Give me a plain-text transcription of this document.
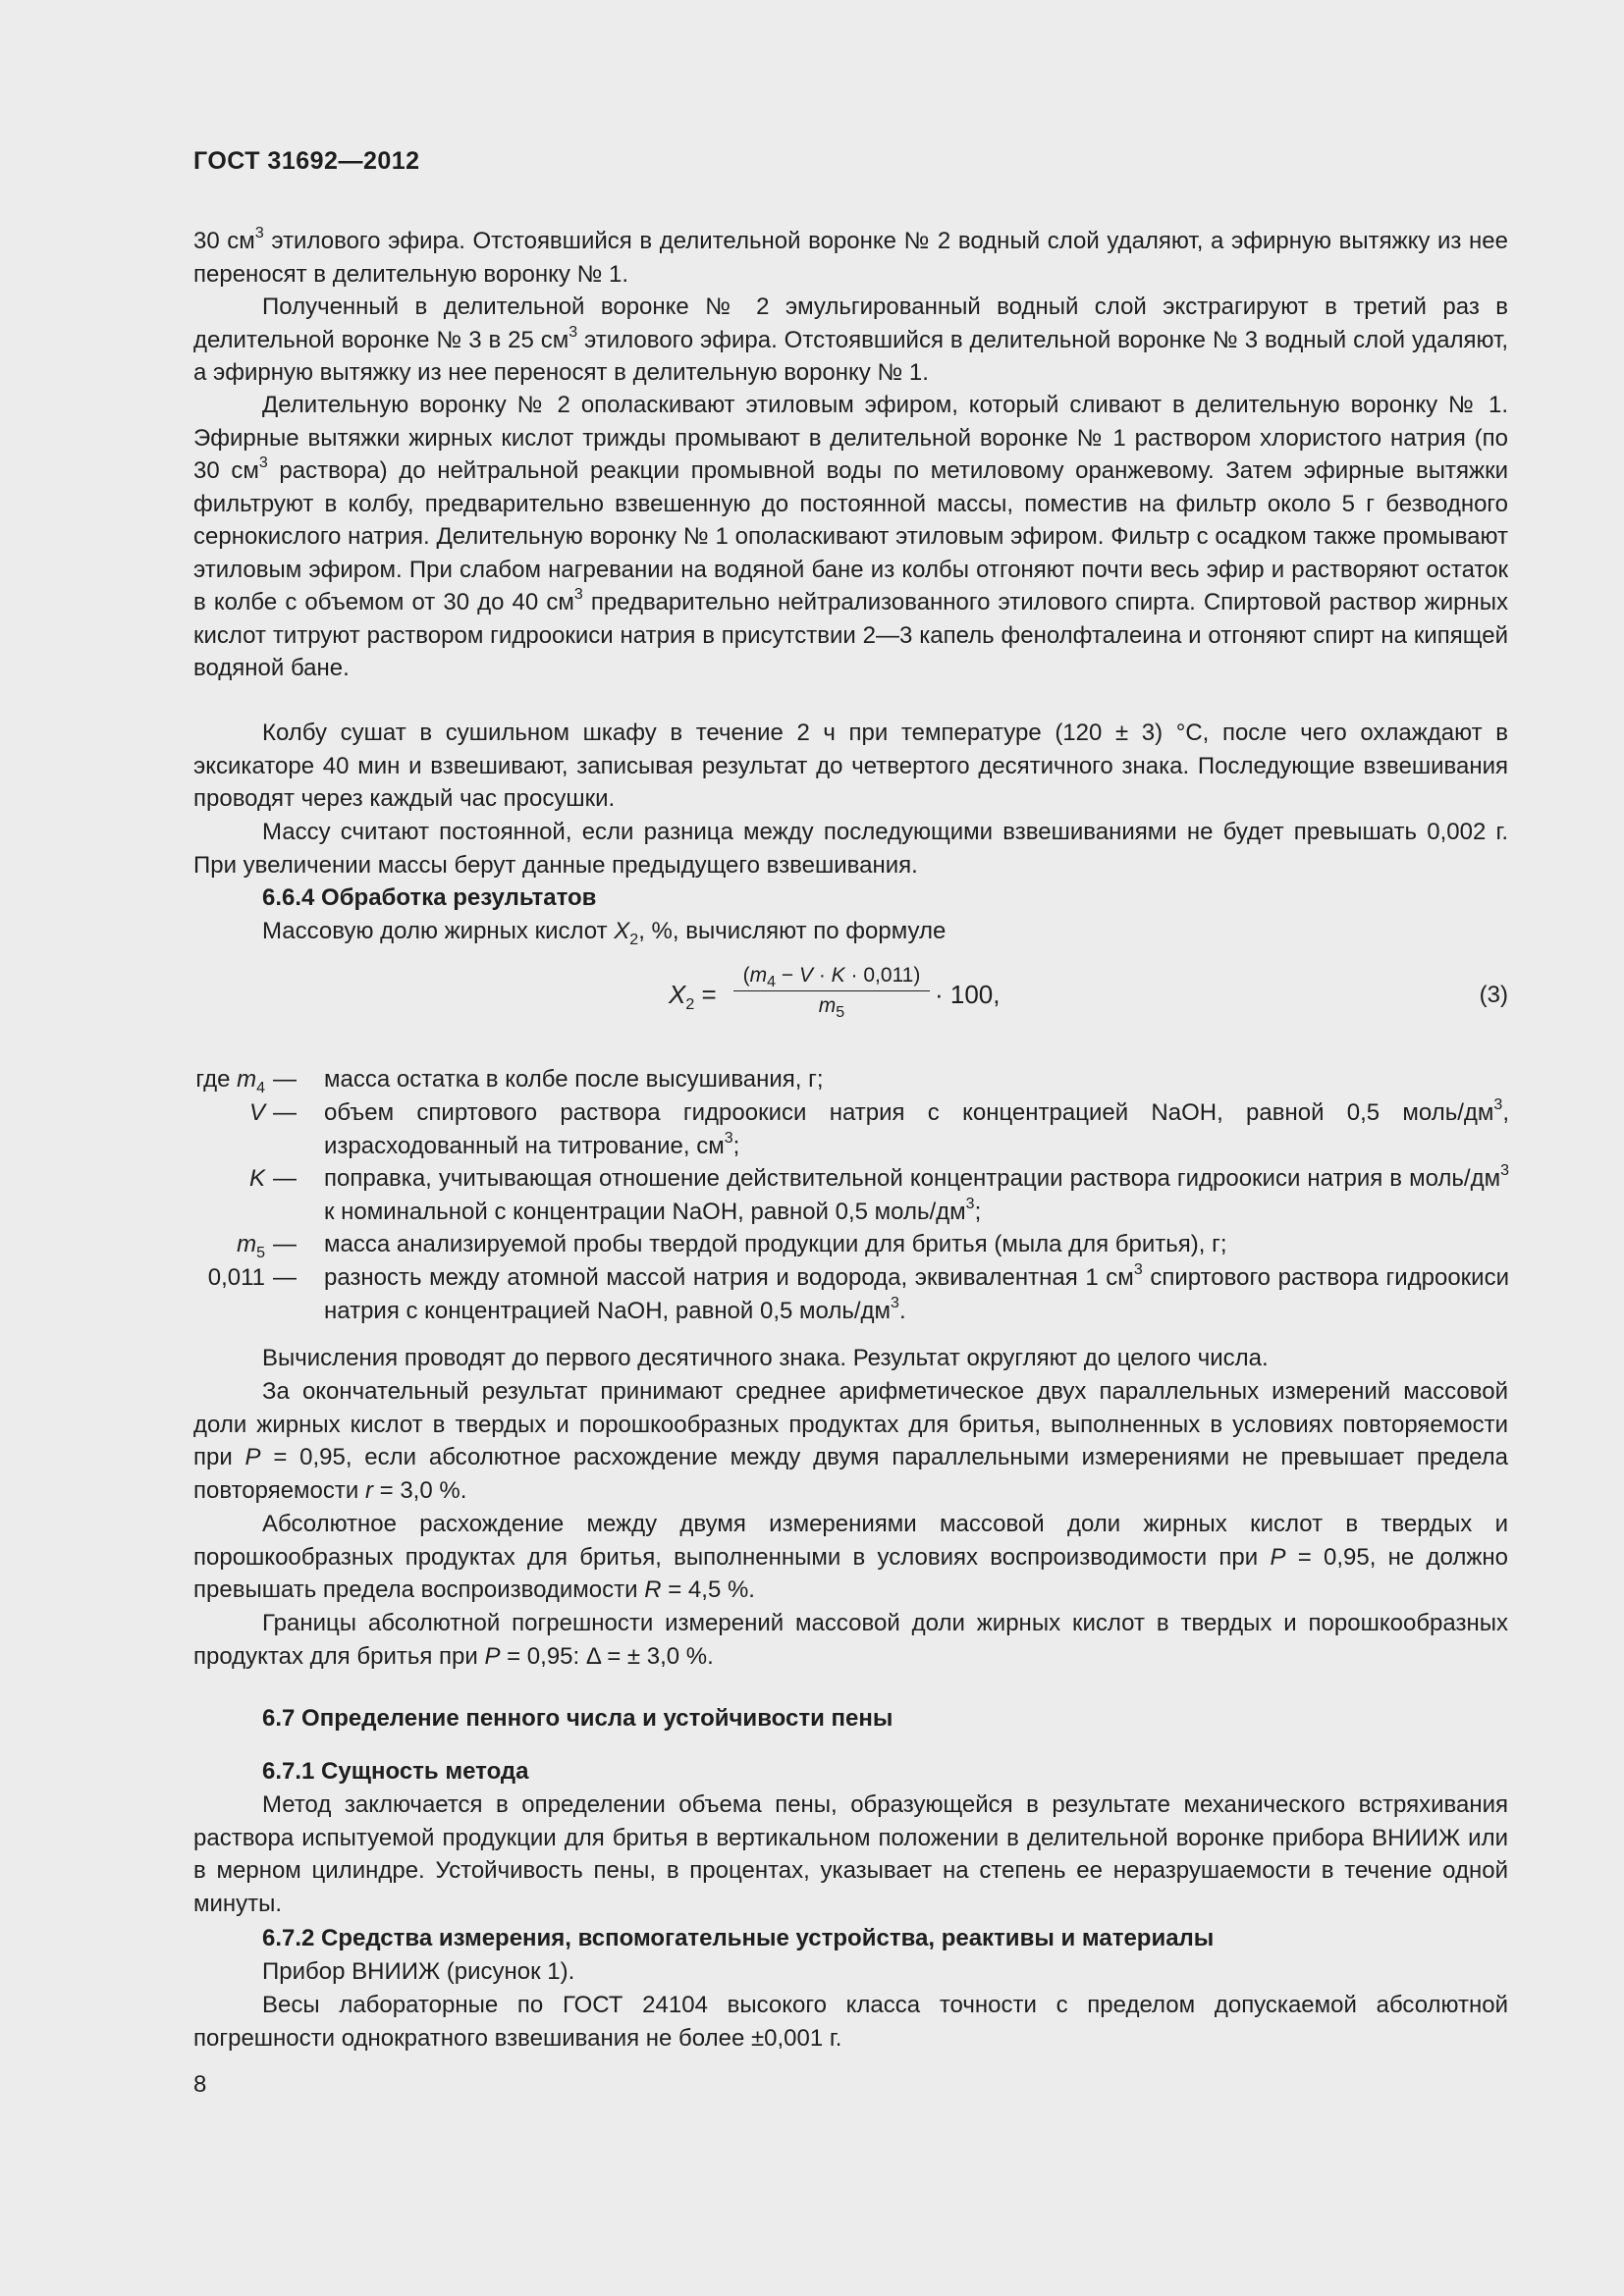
ГОСТ 31692—2012

30 $см^3$ этилового эфира. Отстоявшийся в делительной воронке № 2 водный слой удаляют, а эфирную вытяжку из нее переносят в делительную воронку № 1.

Полученный в делительной воронке № 2 эмульгированный водный слой экстрагируют в третий раз в делительной воронке № 3 в 25 $см^3$ этилового эфира. Отстоявшийся в делительной воронке № 3 водный слой удаляют, а эфирную вытяжку из нее переносят в делительную воронку № 1.

Делительную воронку № 2 ополаскивают этиловым эфиром, который сливают в делительную воронку № 1. Эфирные вытяжки жирных кислот трижды промывают в делительной воронке № 1 раствором хлористого натрия (по 30 $см^3$ раствора) до нейтральной реакции промывной воды по метиловому оранжевому. Затем эфирные вытяжки фильтруют в колбу, предварительно взвешенную до постоянной массы, поместив на фильтр около 5 г безводного сернокислого натрия. Делительную воронку № 1 ополаскивают этиловым эфиром. Фильтр с осадком также промывают этиловым эфиром. При слабом нагревании на водяной бане из колбы отгоняют почти весь эфир и растворяют остаток в колбе с объемом от 30 до 40 $см^3$ предварительно нейтрализованного этилового спирта. Спиртовой раствор жирных кислот титруют раствором гидроокиси натрия в присутствии 2—3 капель фенолфталеина и отгоняют спирт на кипящей водяной бане.

Колбу сушат в сушильном шкафу в течение 2 ч при температуре (120 ± 3) °С, после чего охлаждают в эксикаторе 40 мин и взвешивают, записывая результат до четвертого десятичного знака. Последующие взвешивания проводят через каждый час просушки.

Массу считают постоянной, если разница между последующими взвешиваниями не будет превышать 0,002 г. При увеличении массы берут данные предыдущего взвешивания.

6.6.4 Обработка результатов

Массовую долю жирных кислот $X_2$, %, вычисляют по формуле

$X_2 = \frac{(m_4 - V \cdot K \cdot 0,011)}{m_5} \cdot 100$,	(3)
где $m_4$ —	масса остатка в колбе после высушивания, г;
V —	объем спиртового раствора гидроокиси натрия с концентрацией NaOH, равной 0,5 моль/$дм^3$, израсходованный на титрование, $см^3$;
K —	поправка, учитывающая отношение действительной концентрации раствора гидроокиси натрия в моль/$дм^3$ к номинальной с концентрации NaOH, равной 0,5 моль/$дм^3$;
$m_5$ —	масса анализируемой пробы твердой продукции для бритья (мыла для бритья), г;
0,011 —	разность между атомной массой натрия и водорода, эквивалентная 1 $см^3$ спиртового раствора гидроокиси натрия с концентрацией NaOH, равной 0,5 моль/$дм^3$.

Вычисления проводят до первого десятичного знака. Результат округляют до целого числа.

За окончательный результат принимают среднее арифметическое двух параллельных измерений массовой доли жирных кислот в твердых и порошкообразных продуктах для бритья, выполненных в условиях повторяемости при P = 0,95, если абсолютное расхождение между двумя параллельными измерениями не превышает предела повторяемости r = 3,0 %.

Абсолютное расхождение между двумя измерениями массовой доли жирных кислот в твердых и порошкообразных продуктах для бритья, выполненными в условиях воспроизводимости при P = 0,95, не должно превышать предела воспроизводимости R = 4,5 %.

Границы абсолютной погрешности измерений массовой доли жирных кислот в твердых и порошкообразных продуктах для бритья при P = 0,95: Δ = ± 3,0 %.

6.7 Определение пенного числа и устойчивости пены

6.7.1 Сущность метода

Метод заключается в определении объема пены, образующейся в результате механического встряхивания раствора испытуемой продукции для бритья в вертикальном положении в делительной воронке прибора ВНИИЖ или в мерном цилиндре. Устойчивость пены, в процентах, указывает на степень ее неразрушаемости в течение одной минуты.

6.7.2 Средства измерения, вспомогательные устройства, реактивы и материалы

Прибор ВНИИЖ (рисунок 1).

Весы лабораторные по ГОСТ 24104 высокого класса точности с пределом допускаемой абсолютной погрешности однократного взвешивания не более ±0,001 г.

8
